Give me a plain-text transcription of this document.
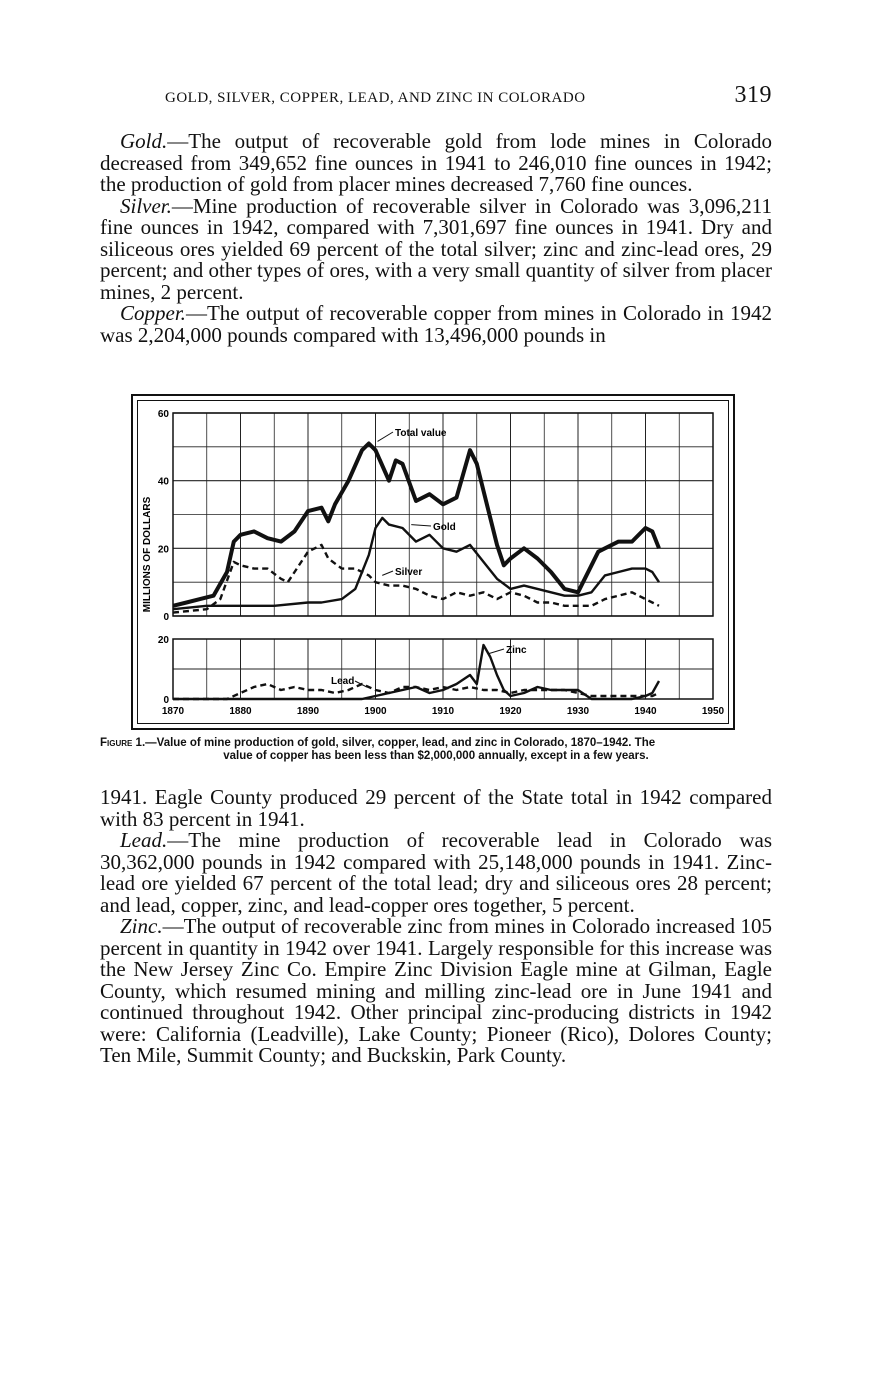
GOLD, SILVER, COPPER, LEAD, AND ZINC IN COLORADO	319

Gold.—The output of recoverable gold from lode mines in Colorado decreased from 349,652 fine ounces in 1941 to 246,010 fine ounces in 1942; the production of gold from placer mines decreased 7,760 fine ounces.

Silver.—Mine production of recoverable silver in Colorado was 3,096,211 fine ounces in 1942, compared with 7,301,697 fine ounces in 1941. Dry and siliceous ores yielded 69 percent of the total silver; zinc and zinc-lead ores, 29 percent; and other types of ores, with a very small quantity of silver from placer mines, 2 percent.

Copper.—The output of recoverable copper from mines in Colorado in 1942 was 2,204,000 pounds compared with 13,496,000 pounds in

60
40
20
0
20
0
1870	1880	1890	1900	1910	1920	1930	1940	1950
MILLIONS OF DOLLARS
Total value
Gold
Silver
Zinc
Lead
Figure 1.—Value of mine production of gold, silver, copper, lead, and zinc in Colorado, 1870–1942. The
value of copper has been less than $2,000,000 annually, except in a few years.

1941. Eagle County produced 29 percent of the State total in 1942 compared with 83 percent in 1941.

Lead.—The mine production of recoverable lead in Colorado was 30,362,000 pounds in 1942 compared with 25,148,000 pounds in 1941. Zinc-lead ore yielded 67 percent of the total lead; dry and siliceous ores 28 percent; and lead, copper, zinc, and lead-copper ores together, 5 percent.

Zinc.—The output of recoverable zinc from mines in Colorado increased 105 percent in quantity in 1942 over 1941. Largely responsible for this increase was the New Jersey Zinc Co. Empire Zinc Division Eagle mine at Gilman, Eagle County, which resumed mining and milling zinc-lead ore in June 1941 and continued throughout 1942. Other principal zinc-producing districts in 1942 were: California (Leadville), Lake County; Pioneer (Rico), Dolores County; Ten Mile, Summit County; and Buckskin, Park County.
